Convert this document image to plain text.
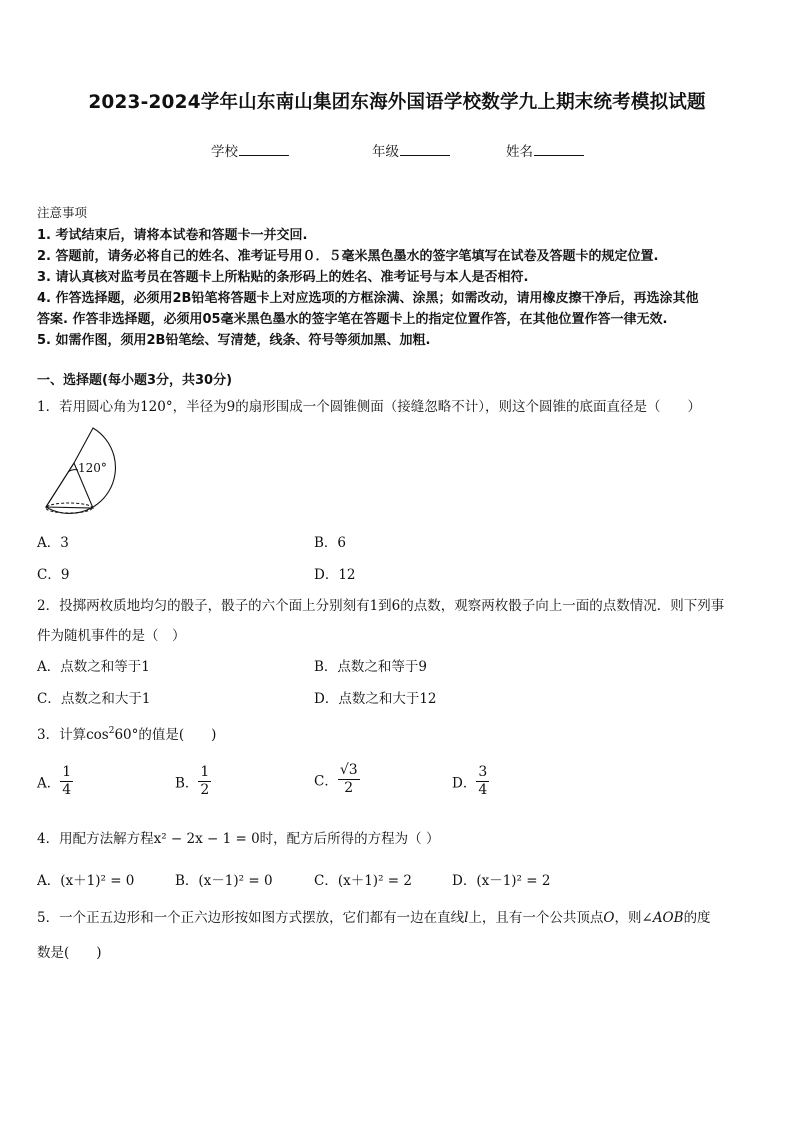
2023-2024学年山东南山集团东海外国语学校数学九上期末统考模拟试题
学校	年级	姓名
注意事项
1. 考试结束后，请将本试卷和答题卡一并交回.
2. 答题前，请务必将自己的姓名、准考证号用０．５毫米黑色墨水的签字笔填写在试卷及答题卡的规定位置.
3. 请认真核对监考员在答题卡上所粘贴的条形码上的姓名、准考证号与本人是否相符.
4. 作答选择题，必须用2B铅笔将答题卡上对应选项的方框涂满、涂黑；如需改动，请用橡皮擦干净后，再选涂其他
答案. 作答非选择题，必须用05毫米黑色墨水的签字笔在答题卡上的指定位置作答，在其他位置作答一律无效.
5. 如需作图，须用2B铅笔绘、写清楚，线条、符号等须加黑、加粗.
一、选择题(每小题3分，共30分)
1．若用圆心角为120°，半径为9的扇形围成一个圆锥侧面（接缝忽略不计），则这个圆锥的底面直径是（　　）
120°
A．3	B．6
C．9	D．12
2．投掷两枚质地均匀的骰子，骰子的六个面上分别刻有1到6的点数，观察两枚骰子向上一面的点数情况．则下列事
件为随机事件的是（　）
A．点数之和等于1	B．点数之和等于9
C．点数之和大于1	D．点数之和大于12
3．计算$\cos^260^\circ$的值是(　　)
A． $\frac{1}{4}$	B． $\frac{1}{2}$	C． $\frac{√3}{2}$	D． $\frac{3}{4}$
4．用配方法解方程x² − 2x − 1 = 0时，配方后所得的方程为（ ）
A．(x＋1)² = 0	B．(x－1)² = 0	C．(x＋1)² = 2	D．(x－1)² = 2
5．一个正五边形和一个正六边形按如图方式摆放，它们都有一边在直线l上，且有一个公共顶点O，则∠AOB的度
数是(　　)
